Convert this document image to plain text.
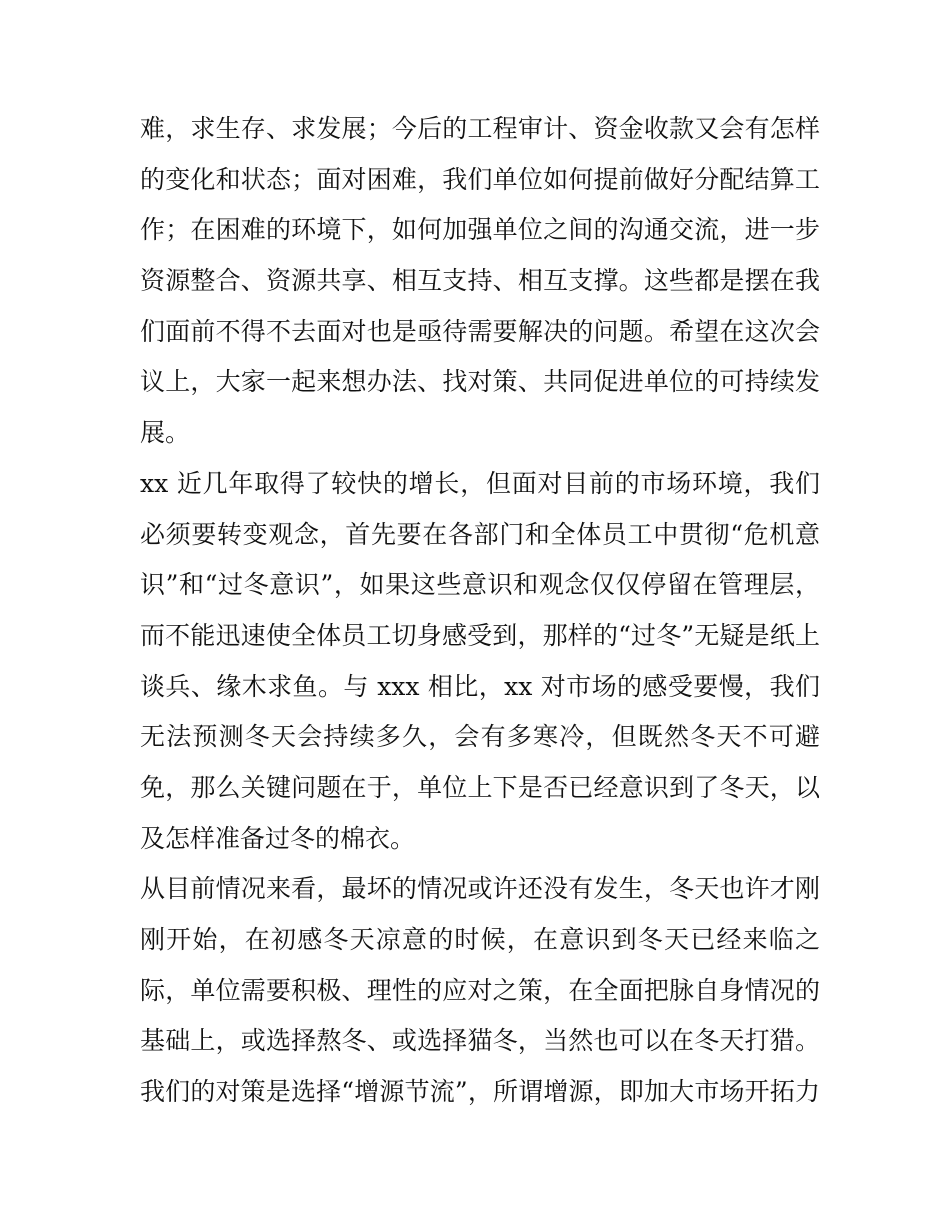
难，求生存、求发展；今后的工程审计、资金收款又会有怎样
的变化和状态；面对困难，我们单位如何提前做好分配结算工
作；在困难的环境下，如何加强单位之间的沟通交流，进一步
资源整合、资源共享、相互支持、相互支撑。这些都是摆在我
们面前不得不去面对也是亟待需要解决的问题。希望在这次会
议上，大家一起来想办法、找对策、共同促进单位的可持续发
展。
xx 近几年取得了较快的增长，但面对目前的市场环境，我们
必须要转变观念，首先要在各部门和全体员工中贯彻“危机意
识”和“过冬意识”，如果这些意识和观念仅仅停留在管理层，
而不能迅速使全体员工切身感受到，那样的“过冬”无疑是纸上
谈兵、缘木求鱼。与 xxx 相比，xx 对市场的感受要慢，我们
无法预测冬天会持续多久，会有多寒冷，但既然冬天不可避
免，那么关键问题在于，单位上下是否已经意识到了冬天，以
及怎样准备过冬的棉衣。
从目前情况来看，最坏的情况或许还没有发生，冬天也许才刚
刚开始，在初感冬天凉意的时候，在意识到冬天已经来临之
际，单位需要积极、理性的应对之策，在全面把脉自身情况的
基础上，或选择熬冬、或选择猫冬，当然也可以在冬天打猎。
我们的对策是选择“增源节流”，所谓增源，即加大市场开拓力
